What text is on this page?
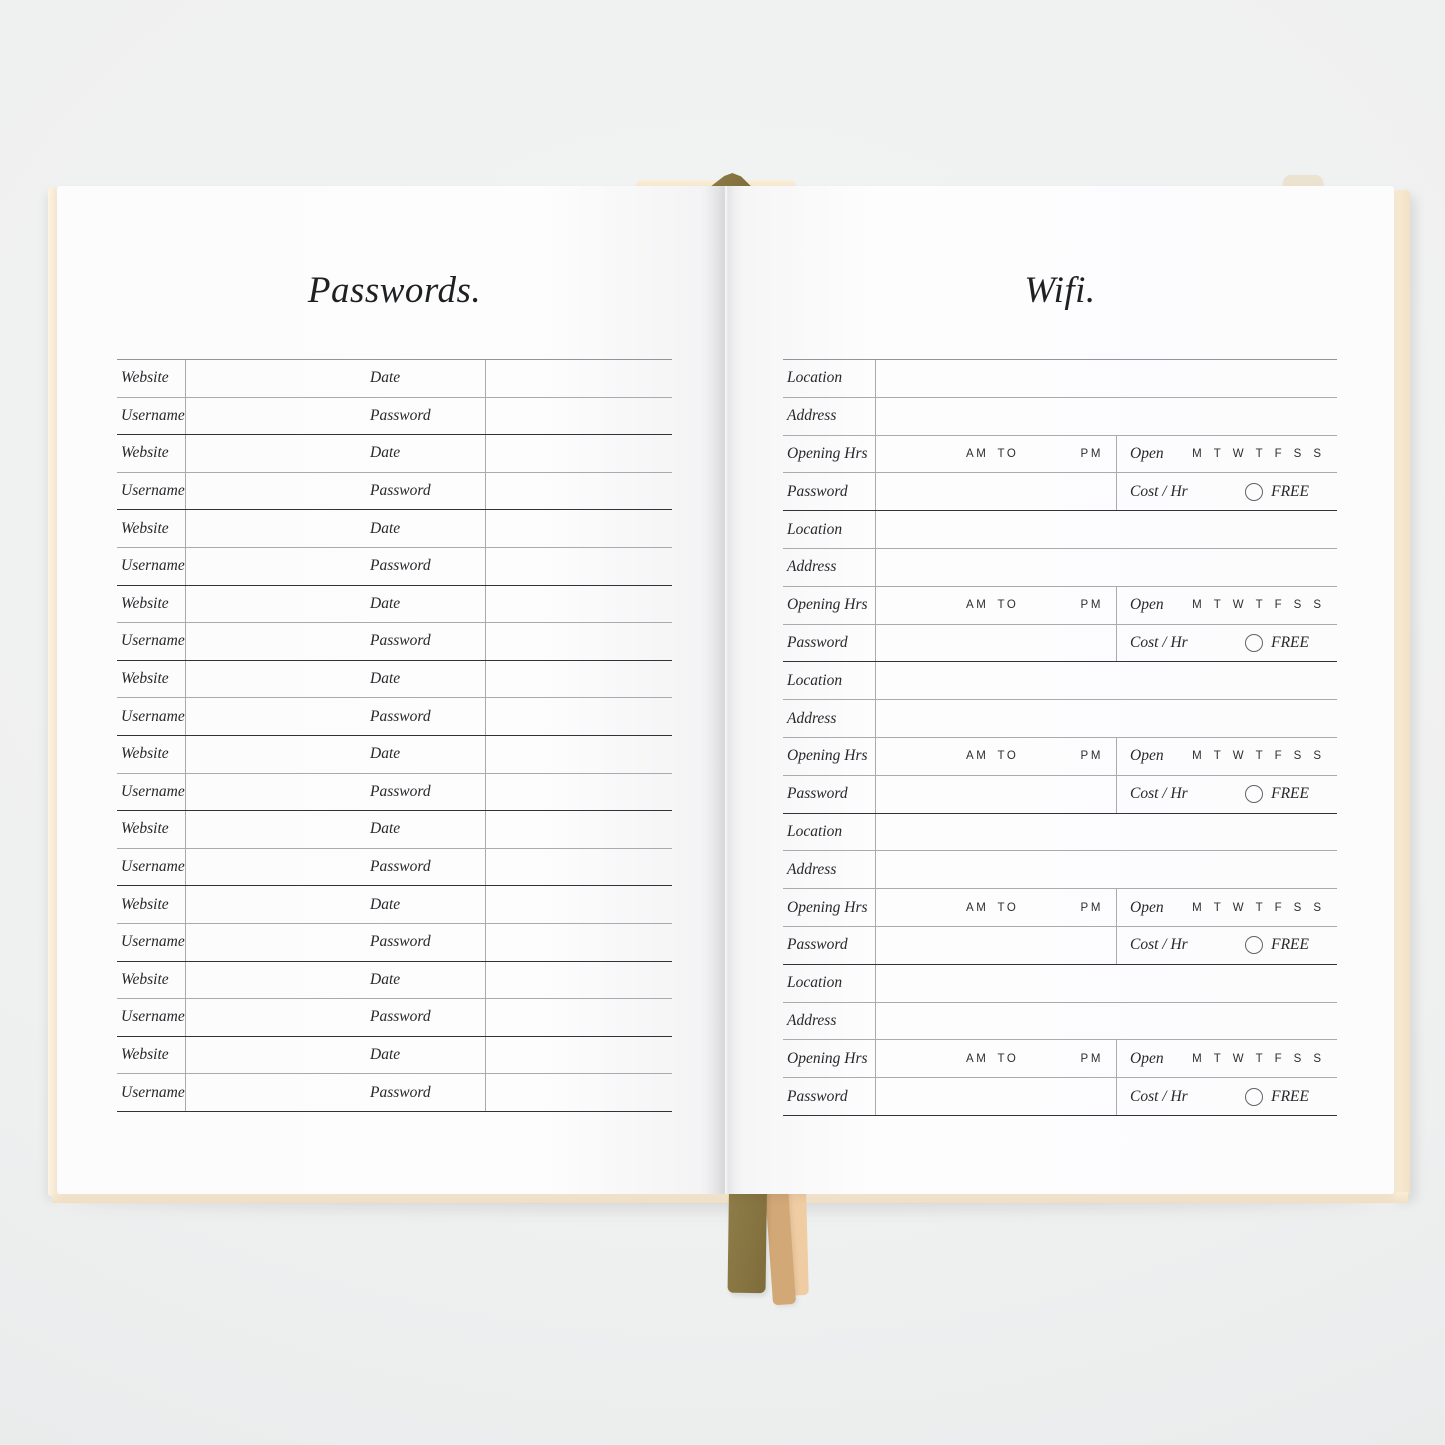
Passwords.	Wifi.
Website	Date
Username	Password
Website	Date
Username	Password
Website	Date
Username	Password
Website	Date
Username	Password
Website	Date
Username	Password
Website	Date
Username	Password
Website	Date
Username	Password
Website	Date
Username	Password
Website	Date
Username	Password
Website	Date
Username	Password
Location
Address
Opening Hrs	AM TO	PM Open M T W T F S S
Password	Cost / Hr	FREE
Location
Address
Opening Hrs	AM TO	PM Open M T W T F S S
Password	Cost / Hr	FREE
Location
Address
Opening Hrs	AM TO	PM Open M T W T F S S
Password	Cost / Hr	FREE
Location
Address
Opening Hrs	AM TO	PM Open M T W T F S S
Password	Cost / Hr	FREE
Location
Address
Opening Hrs	AM TO	PM Open M T W T F S S
Password	Cost / Hr	FREE
